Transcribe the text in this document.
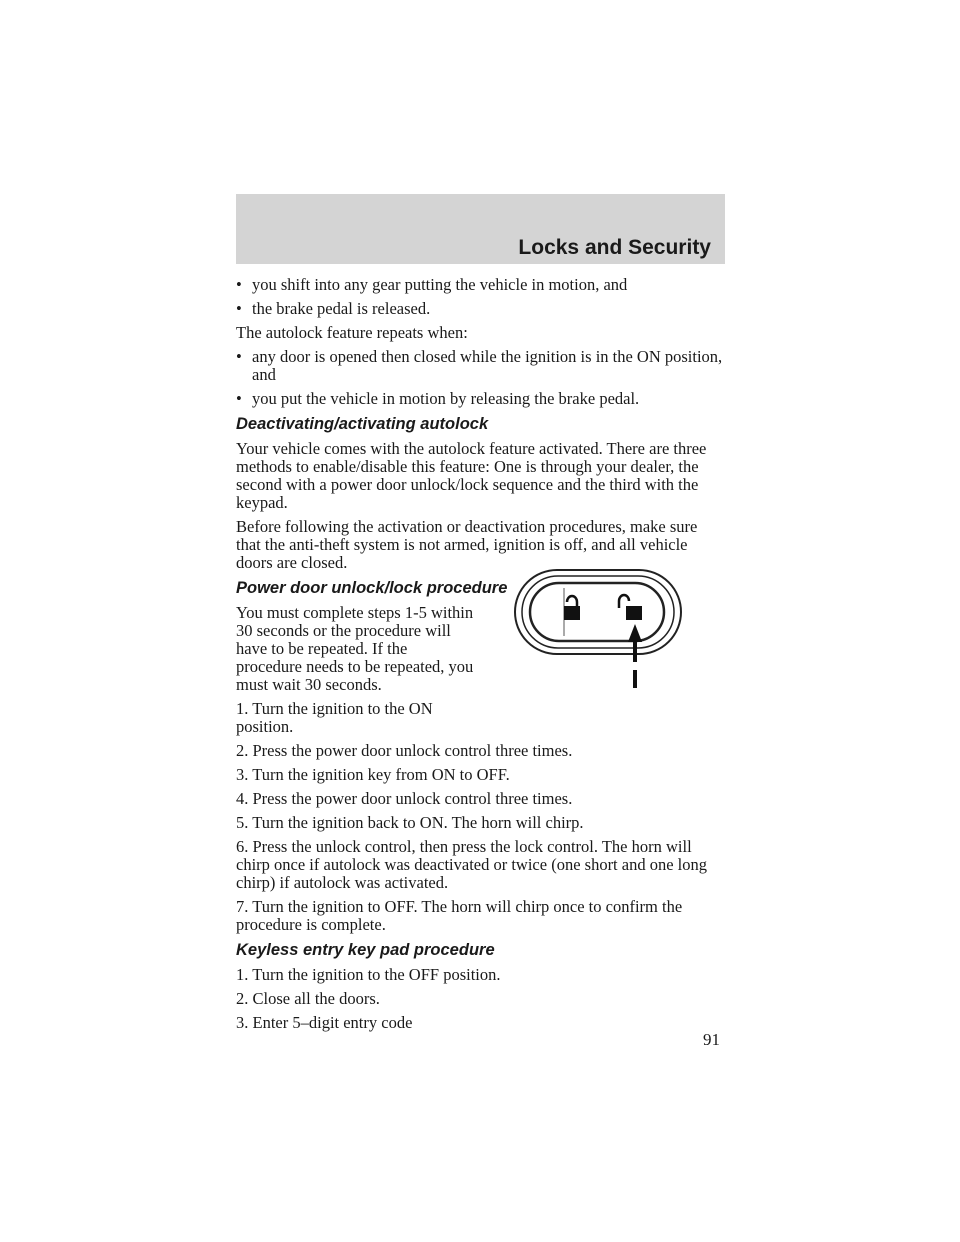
Locks and Security
• you shift into any gear putting the vehicle in motion, and
• the brake pedal is released.

The autolock feature repeats when:

• any door is opened then closed while the ignition is in the ON position, and
• you put the vehicle in motion by releasing the brake pedal.
Deactivating/activating autolock

Your vehicle comes with the autolock feature activated. There are three methods to enable/disable this feature: One is through your dealer, the second with a power door unlock/lock sequence and the third with the keypad.

Before following the activation or deactivation procedures, make sure that the anti-theft system is not armed, ignition is off, and all vehicle doors are closed.

Power door unlock/lock procedure

You must complete steps 1-5 within 30 seconds or the procedure will have to be repeated. If the procedure needs to be repeated, you must wait 30 seconds.

1. Turn the ignition to the ON position.

2. Press the power door unlock control three times.

3. Turn the ignition key from ON to OFF.

4. Press the power door unlock control three times.

5. Turn the ignition back to ON. The horn will chirp.

6. Press the unlock control, then press the lock control. The horn will chirp once if autolock was deactivated or twice (one short and one long chirp) if autolock was activated.

7. Turn the ignition to OFF. The horn will chirp once to confirm the procedure is complete.

Keyless entry key pad procedure

1. Turn the ignition to the OFF position.

2. Close all the doors.

3. Enter 5–digit entry code

91
